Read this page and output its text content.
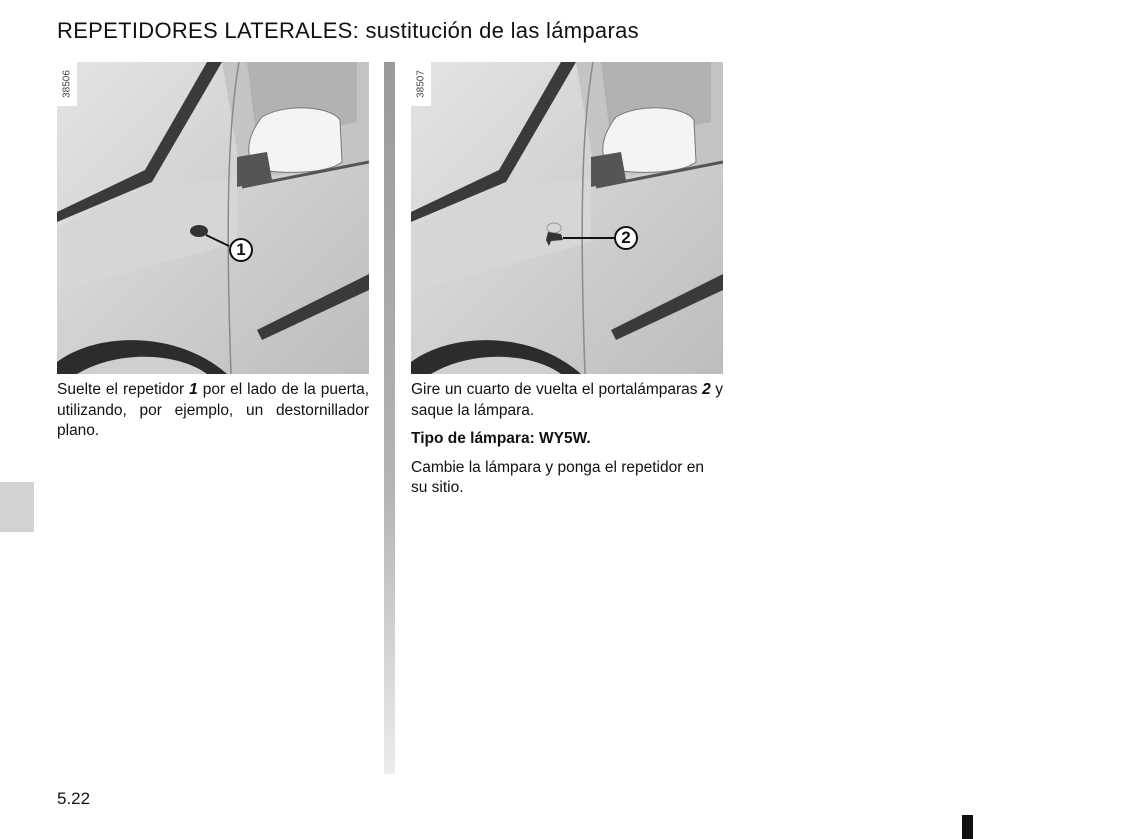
REPETIDORES LATERALES: sustitución de las lámparas
38506
1
38507
2

Suelte el repetidor 1 por el lado de la puerta, utilizando, por ejemplo, un destornillador plano.

Gire un cuarto de vuelta el portalámparas 2 y saque la lámpara.

Tipo de lámpara: WY5W.

Cambie la lámpara y ponga el repetidor en su sitio.

5.22
